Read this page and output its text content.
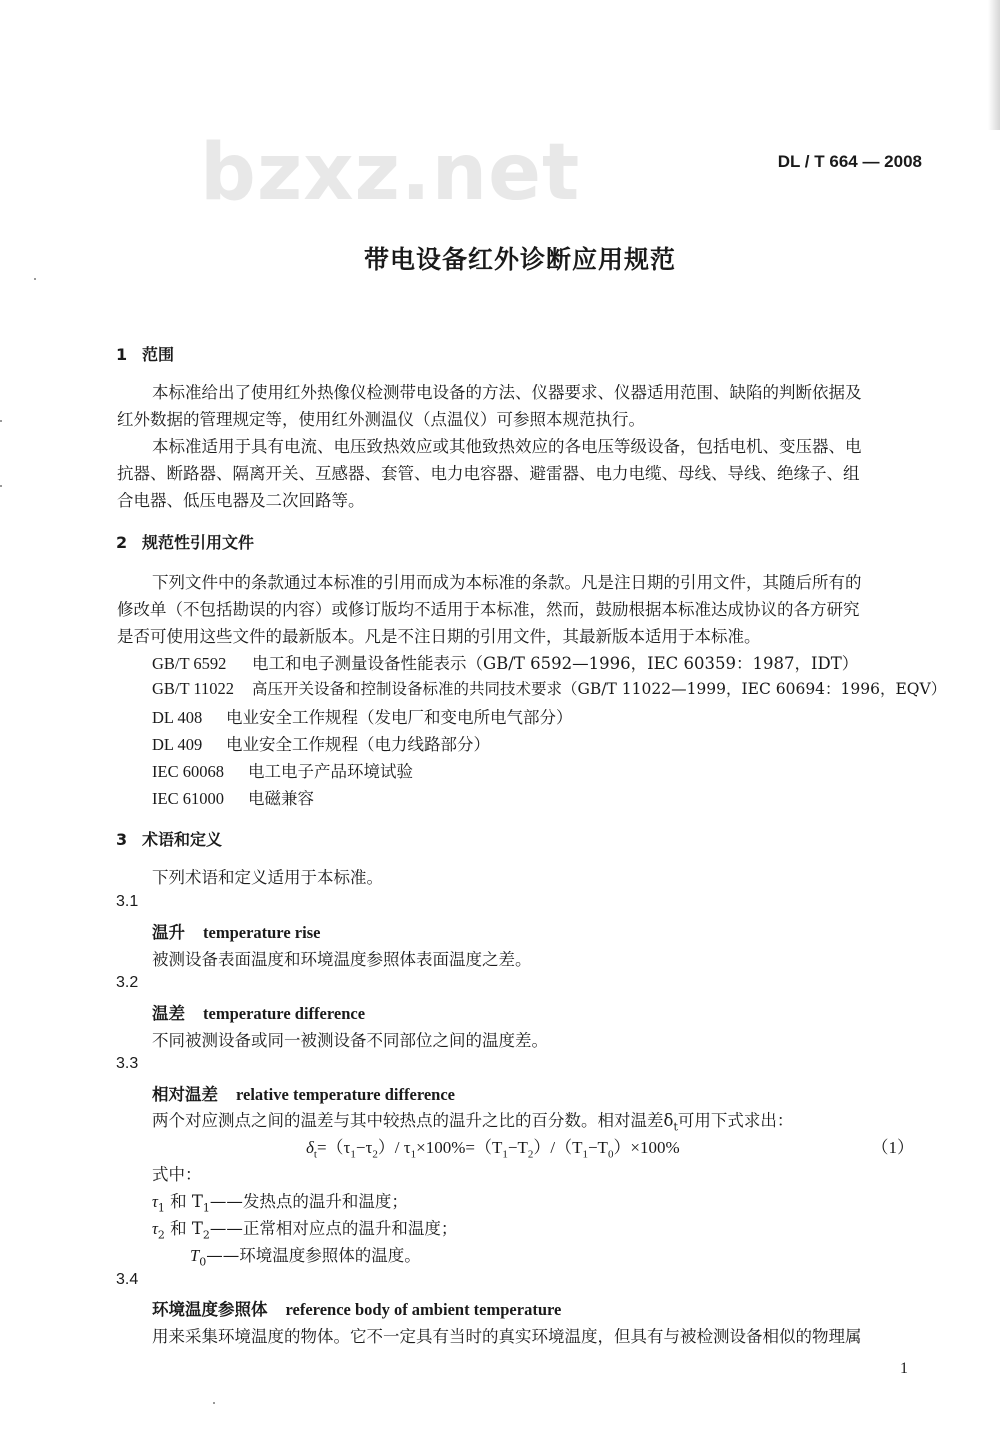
bzxz.net	DL / T 664 — 2008
带电设备红外诊断应用规范
1 范围
本标准给出了使用红外热像仪检测带电设备的方法、仪器要求、仪器适用范围、缺陷的判断依据及
红外数据的管理规定等，使用红外测温仪（点温仪）可参照本规范执行。
本标准适用于具有电流、电压致热效应或其他致热效应的各电压等级设备，包括电机、变压器、电
抗器、断路器、隔离开关、互感器、套管、电力电容器、避雷器、电力电缆、母线、导线、绝缘子、组
合电器、低压电器及二次回路等。
2 规范性引用文件
下列文件中的条款通过本标准的引用而成为本标准的条款。凡是注日期的引用文件，其随后所有的
修改单（不包括勘误的内容）或修订版均不适用于本标准，然而，鼓励根据本标准达成协议的各方研究
是否可使用这些文件的最新版本。凡是不注日期的引用文件，其最新版本适用于本标准。
GB/T 6592 电工和电子测量设备性能表示（GB/T 6592—1996，IEC 60359：1987，IDT）
GB/T 11022 高压开关设备和控制设备标准的共同技术要求（GB/T 11022—1999，IEC 60694：1996，EQV）
DL 408 电业安全工作规程（发电厂和变电所电气部分）
DL 409 电业安全工作规程（电力线路部分）
IEC 60068 电工电子产品环境试验
IEC 61000 电磁兼容
3 术语和定义
下列术语和定义适用于本标准。
3.1
温升 temperature rise
被测设备表面温度和环境温度参照体表面温度之差。
3.2
温差 temperature difference
不同被测设备或同一被测设备不同部位之间的温度差。
3.3
相对温差 relative temperature difference
两个对应测点之间的温差与其中较热点的温升之比的百分数。相对温差$\delta_t$可用下式求出：
$\delta_t=(\tau_1-\tau_2)/$ $\tau_1\times 100\%=(T_1-T_2)/(T_1-T_0)\times 100\%$	（1）
式中：
$\tau_1$ 和 $T_1——$发热点的温升和温度；
$\tau_2$ 和 $T_2——$正常相对应点的温升和温度；
$T_0——$环境温度参照体的温度。
3.4
环境温度参照体 reference body of ambient temperature
用来采集环境温度的物体。它不一定具有当时的真实环境温度，但具有与被检测设备相似的物理属
1
